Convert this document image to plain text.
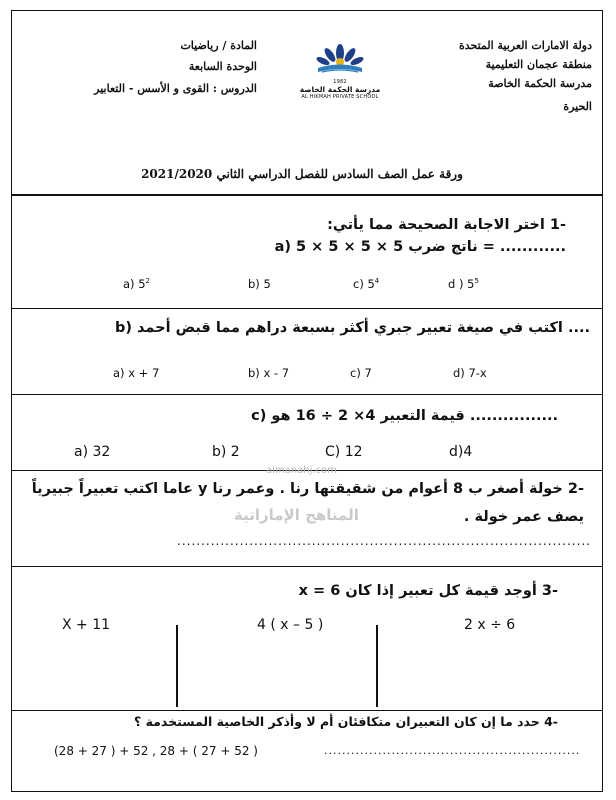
دولة الامارات العربية المتحدة
منطقة عجمان التعليمية
مدرسة الحكمة الخاصة
الحيرة
المادة / رياضيات
الوحدة السابعة
الدروس : القوى و الأسس - التعابير	1982
مدرسة الحكمة الخاصة
AL HIKMAH PRIVATE SCHOOL
ورقة عمل الصف السادس للفصل الدراسي الثاني 2021/2020
-1 اختر الاجابة الصحيحة مما يأتي:
a) ناتج ضرب 5 × 5 × 5 × 5 = ............
a) $5^2$	b) 5	c) $5^4$	d ) $5^5$
b) اكتب في صيغة تعبير جبري أكثر بسبعة دراهم مما قبض أحمد ....
a) x + 7	b) x - 7	c) 7	d) 7-x
c) قيمة التعبير 4× 2 ÷ 16 هو ................
a) 32	b) 2	C) 12	d)4
almanahj.com
المناهج الإماراتية
-2 خولة أصغر ب 8 أعوام من شقيقتها رنا . وعمر رنا y عاما اكتب تعبيراً جبيرياً
يصف عمر خولة .
......................................................................................
-3 أوجد قيمة كل تعبير إذا كان x = 6
2 x ÷ 6
4 ( x – 5 )
X + 11
-4 حدد ما إن كان التعبيران متكافئان أم لا وأذكر الخاصية المستخدمة ؟
(28 + 27 ) + 52 , 28 + ( 27 + 52 )	.........................................................
